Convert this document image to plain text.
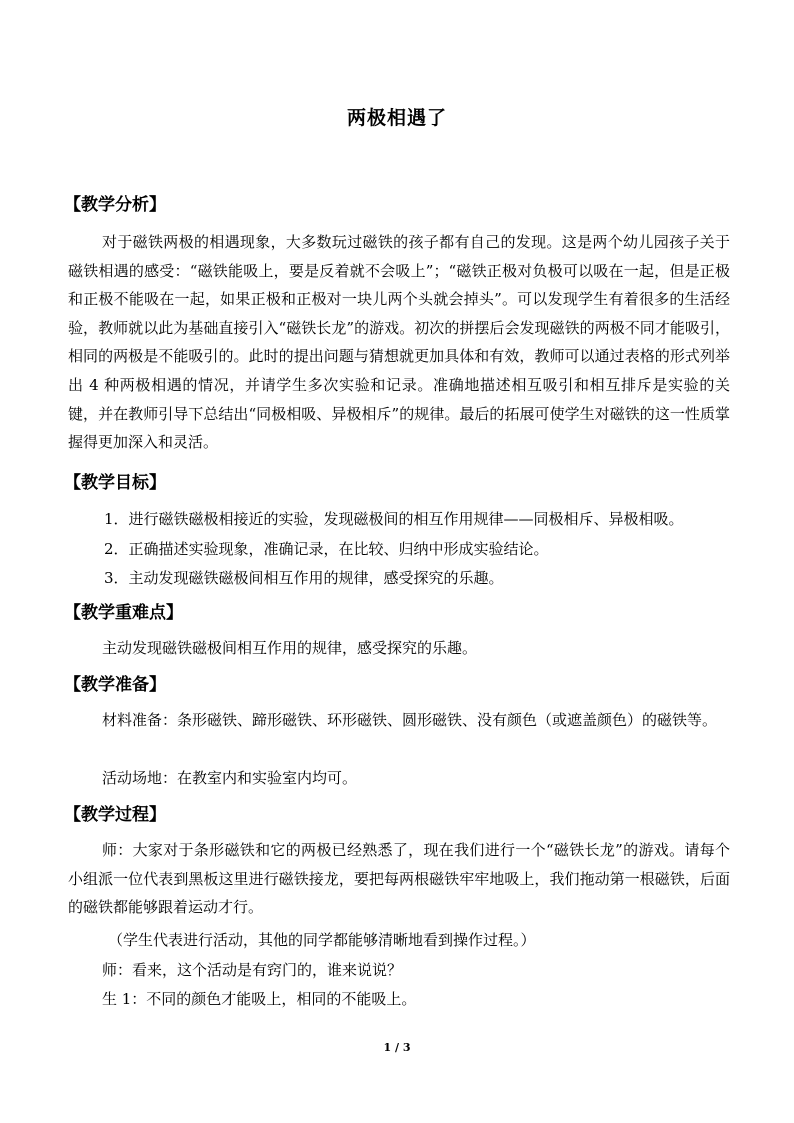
两极相遇了
【教学分析】
对于磁铁两极的相遇现象，大多数玩过磁铁的孩子都有自己的发现。这是两个幼儿园孩子关于磁铁相遇的感受：“磁铁能吸上，要是反着就不会吸上”；“磁铁正极对负极可以吸在一起，但是正极和正极不能吸在一起，如果正极和正极对一块儿两个头就会掉头”。可以发现学生有着很多的生活经验，教师就以此为基础直接引入“磁铁长龙”的游戏。初次的拼摆后会发现磁铁的两极不同才能吸引，相同的两极是不能吸引的。此时的提出问题与猜想就更加具体和有效，教师可以通过表格的形式列举出 4 种两极相遇的情况，并请学生多次实验和记录。准确地描述相互吸引和相互排斥是实验的关键，并在教师引导下总结出“同极相吸、异极相斥”的规律。最后的拓展可使学生对磁铁的这一性质掌握得更加深入和灵活。
【教学目标】
1．进行磁铁磁极相接近的实验，发现磁极间的相互作用规律——同极相斥、异极相吸。
2．正确描述实验现象，准确记录，在比较、归纳中形成实验结论。
3．主动发现磁铁磁极间相互作用的规律，感受探究的乐趣。
【教学重难点】
主动发现磁铁磁极间相互作用的规律，感受探究的乐趣。
【教学准备】
材料准备：条形磁铁、蹄形磁铁、环形磁铁、圆形磁铁、没有颜色（或遮盖颜色）的磁铁等。
活动场地：在教室内和实验室内均可。
【教学过程】
师：大家对于条形磁铁和它的两极已经熟悉了，现在我们进行一个“磁铁长龙”的游戏。请每个小组派一位代表到黑板这里进行磁铁接龙，要把每两根磁铁牢牢地吸上，我们拖动第一根磁铁，后面的磁铁都能够跟着运动才行。
（学生代表进行活动，其他的同学都能够清晰地看到操作过程。）
师：看来，这个活动是有窍门的，谁来说说？
生 1：不同的颜色才能吸上，相同的不能吸上。
1 / 3
